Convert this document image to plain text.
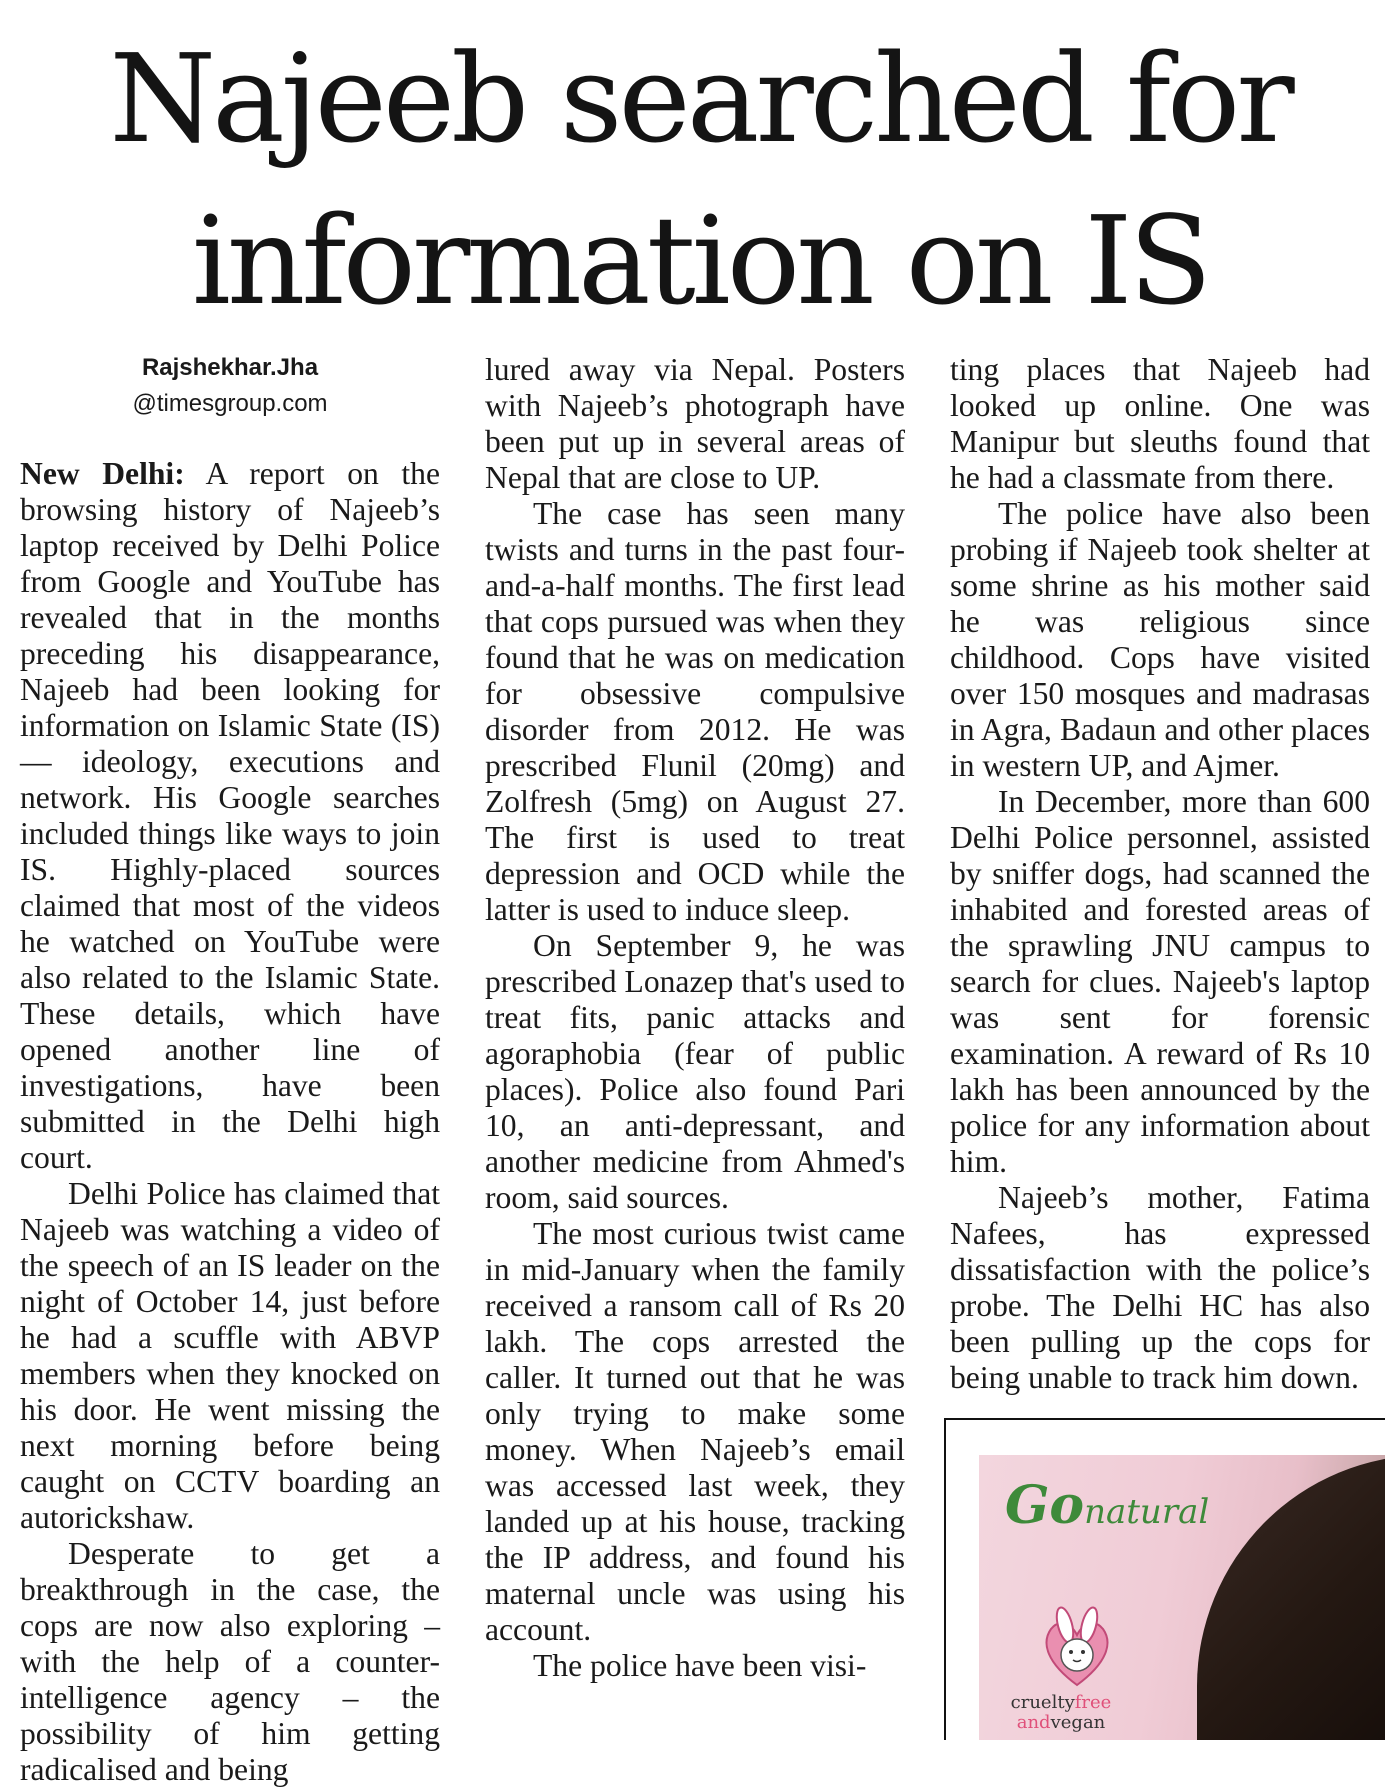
Najeeb searched for
information on IS
Rajshekhar.Jha
@timesgroup.com

New Delhi: A report on the browsing history of Najeeb’s laptop received by Delhi Police from Google and YouTube has revealed that in the months preceding his disappearance, Najeeb had been looking for information on Islamic State (IS) — ideology, executions and network. His Google searches included things like ways to join IS. Highly-placed sources claimed that most of the videos he watched on YouTube were also related to the Islamic State. These details, which have opened another line of investigations, have been submitted in the Delhi high court.

Delhi Police has claimed that Najeeb was watching a video of the speech of an IS leader on the night of October 14, just before he had a scuffle with ABVP members when they knocked on his door. He went missing the next morning before being caught on CCTV boarding an autorickshaw.

Desperate to get a breakthrough in the case, the cops are now also exploring – with the help of a counter-intelligence agency – the possibility of him getting radicalised and being

lured away via Nepal. Posters with Najeeb’s photograph have been put up in several areas of Nepal that are close to UP.

The case has seen many twists and turns in the past four-and-a-half months. The first lead that cops pursued was when they found that he was on medication for obsessive compulsive disorder from 2012. He was prescribed Flunil (20mg) and Zolfresh (5mg) on August 27. The first is used to treat depression and OCD while the latter is used to induce sleep.

On September 9, he was prescribed Lonazep that's used to treat fits, panic attacks and agoraphobia (fear of public places). Police also found Pari 10, an anti-depressant, and another medicine from Ahmed's room, said sources.

The most curious twist came in mid-January when the family received a ransom call of Rs 20 lakh. The cops arrested the caller. It turned out that he was only trying to make some money. When Najeeb’s email was accessed last week, they landed up at his house, tracking the IP address, and found his maternal uncle was using his account.

The police have been visi-

ting places that Najeeb had looked up online. One was Manipur but sleuths found that he had a classmate from there.

The police have also been probing if Najeeb took shelter at some shrine as his mother said he was religious since childhood. Cops have visited over 150 mosques and madrasas in Agra, Badaun and other places in western UP, and Ajmer.

In December, more than 600 Delhi Police personnel, assisted by sniffer dogs, had scanned the inhabited and forested areas of the sprawling JNU campus to search for clues. Najeeb's laptop was sent for forensic examination. A reward of Rs 10 lakh has been announced by the police for any information about him.

Najeeb’s mother, Fatima Nafees, has expressed dissatisfaction with the police’s probe. The Delhi HC has also been pulling up the cops for being unable to track him down.

Gonatural
crueltyfree
andvegan
